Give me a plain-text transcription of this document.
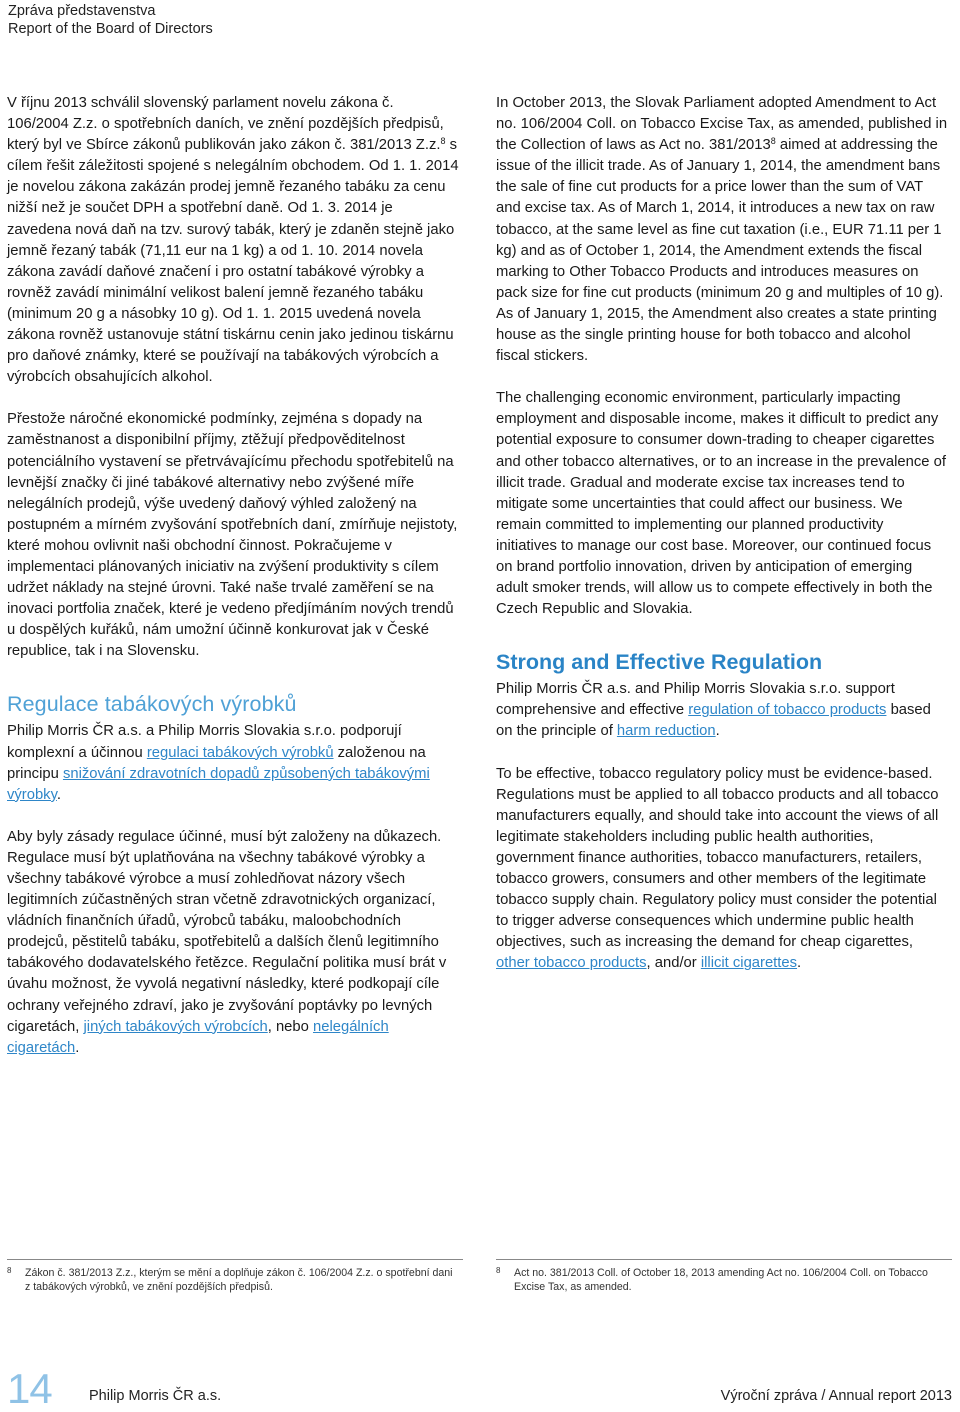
Zpráva představenstva
Report of the Board of Directors

V říjnu 2013 schválil slovenský parlament novelu zákona č. 106/2004 Z.z. o spotřebních daních, ve znění pozdějších předpisů, který byl ve Sbírce zákonů publikován jako zákon č. 381/2013 Z.z.$^8$ s cílem řešit záležitosti spojené s nelegálním obchodem. Od 1. 1. 2014 je novelou zákona zakázán prodej jemně řezaného tabáku za cenu nižší než je součet DPH a spotřební daně. Od 1. 3. 2014 je zavedena nová daň na tzv. surový tabák, který je zdaněn stejně jako jemně řezaný tabák (71,11 eur na 1 kg) a od 1. 10. 2014 novela zákona zavádí daňové značení i pro ostatní tabákové výrobky a rovněž zavádí minimální velikost balení jemně řezaného tabáku (minimum 20 g a násobky 10 g). Od 1. 1. 2015 uvedená novela zákona rovněž ustanovuje státní tiskárnu cenin jako jedinou tiskárnu pro daňové známky, které se používají na tabákových výrobcích a výrobcích obsahujících alkohol.

Přestože náročné ekonomické podmínky, zejména s dopady na zaměstnanost a disponibilní příjmy, ztěžují předpověditelnost potenciálního vystavení se přetrvávajícímu přechodu spotřebitelů na levnější značky či jiné tabákové alternativy nebo zvýšené míře nelegálních prodejů, výše uvedený daňový výhled založený na postupném a mírném zvyšování spotřebních daní, zmírňuje nejistoty, které mohou ovlivnit naši obchodní činnost. Pokračujeme v implementaci plánovaných iniciativ na zvýšení produktivity s cílem udržet náklady na stejné úrovni. Také naše trvalé zaměření se na inovaci portfolia značek, které je vedeno předjímáním nových trendů u dospělých kuřáků, nám umožní účinně konkurovat jak v České republice, tak i na Slovensku.

Regulace tabákových výrobků

Philip Morris ČR a.s. a Philip Morris Slovakia s.r.o. podporují komplexní a účinnou regulaci tabákových výrobků založenou na principu snižování zdravotních dopadů způsobených tabákovými výrobky.

Aby byly zásady regulace účinné, musí být založeny na důkazech. Regulace musí být uplatňována na všechny tabákové výrobky a všechny tabákové výrobce a musí zohledňovat názory všech legitimních zúčastněných stran včetně zdravotnických organizací, vládních finančních úřadů, výrobců tabáku, maloobchodních prodejců, pěstitelů tabáku, spotřebitelů a dalších členů legitimního tabákového dodavatelského řetězce. Regulační politika musí brát v úvahu možnost, že vyvolá negativní následky, které podkopají cíle ochrany veřejného zdraví, jako je zvyšování poptávky po levných cigaretách, jiných tabákových výrobcích, nebo nelegálních cigaretách.

In October 2013, the Slovak Parliament adopted Amendment to Act no. 106/2004 Coll. on Tobacco Excise Tax, as amended, published in the Collection of laws as Act no. 381/2013$^8$ aimed at addressing the issue of the illicit trade. As of January 1, 2014, the amendment bans the sale of fine cut products for a price lower than the sum of VAT and excise tax. As of March 1, 2014, it introduces a new tax on raw tobacco, at the same level as fine cut taxation (i.e., EUR 71.11 per 1 kg) and as of October 1, 2014, the Amendment extends the fiscal marking to Other Tobacco Products and introduces measures on pack size for fine cut products (minimum 20 g and multiples of 10 g). As of January 1, 2015, the Amendment also creates a state printing house as the single printing house for both tobacco and alcohol fiscal stickers.

The challenging economic environment, particularly impacting employment and disposable income, makes it difficult to predict any potential exposure to consumer down-trading to cheaper cigarettes and other tobacco alternatives, or to an increase in the prevalence of illicit trade. Gradual and moderate excise tax increases tend to mitigate some uncertainties that could affect our business. We remain committed to implementing our planned productivity initiatives to manage our cost base. Moreover, our continued focus on brand portfolio innovation, driven by anticipation of emerging adult smoker trends, will allow us to compete effectively in both the Czech Republic and Slovakia.

Strong and Effective Regulation

Philip Morris ČR a.s. and Philip Morris Slovakia s.r.o. support comprehensive and effective regulation of tobacco products based on the principle of harm reduction.

To be effective, tobacco regulatory policy must be evidence-based. Regulations must be applied to all tobacco products and all tobacco manufacturers equally, and should take into account the views of all legitimate stakeholders including public health authorities, government finance authorities, tobacco manufacturers, retailers, tobacco growers, consumers and other members of the legitimate tobacco supply chain. Regulatory policy must consider the potential to trigger adverse consequences which undermine public health objectives, such as increasing the demand for cheap cigarettes, other tobacco products, and/or illicit cigarettes.

8	Zákon č. 381/2013 Z.z., kterým se mění a doplňuje zákon č. 106/2004 Z.z. o spotřební dani z tabákových výrobků, ve znění pozdějších předpisů.
8	Act no. 381/2013 Coll. of October 18, 2013 amending Act no. 106/2004 Coll. on Tobacco Excise Tax, as amended.
14	Philip Morris ČR a.s.	Výroční zpráva / Annual report 2013
